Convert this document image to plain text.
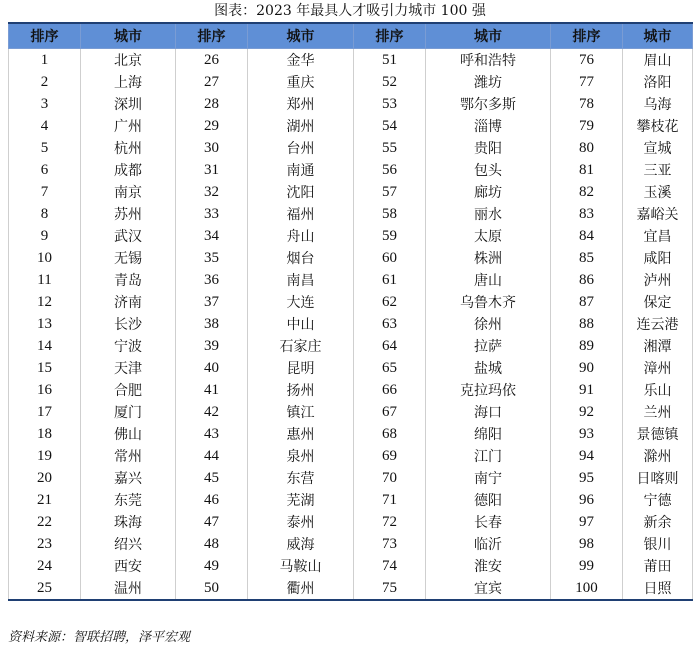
图表：2023 年最具人才吸引力城市 100 强
排序	城市	排序	城市	排序	城市	排序	城市
1	北京	26	金华	51	呼和浩特	76	眉山
2	上海	27	重庆	52	潍坊	77	洛阳
3	深圳	28	郑州	53	鄂尔多斯	78	乌海
4	广州	29	湖州	54	淄博	79	攀枝花
5	杭州	30	台州	55	贵阳	80	宣城
6	成都	31	南通	56	包头	81	三亚
7	南京	32	沈阳	57	廊坊	82	玉溪
8	苏州	33	福州	58	丽水	83	嘉峪关
9	武汉	34	舟山	59	太原	84	宜昌
10	无锡	35	烟台	60	株洲	85	咸阳
11	青岛	36	南昌	61	唐山	86	泸州
12	济南	37	大连	62	乌鲁木齐	87	保定
13	长沙	38	中山	63	徐州	88	连云港
14	宁波	39	石家庄	64	拉萨	89	湘潭
15	天津	40	昆明	65	盐城	90	漳州
16	合肥	41	扬州	66	克拉玛依	91	乐山
17	厦门	42	镇江	67	海口	92	兰州
18	佛山	43	惠州	68	绵阳	93	景德镇
19	常州	44	泉州	69	江门	94	滁州
20	嘉兴	45	东营	70	南宁	95	日喀则
21	东莞	46	芜湖	71	德阳	96	宁德
22	珠海	47	泰州	72	长春	97	新余
23	绍兴	48	威海	73	临沂	98	银川
24	西安	49	马鞍山	74	淮安	99	莆田
25	温州	50	衢州	75	宜宾	100	日照
资料来源：智联招聘，泽平宏观
